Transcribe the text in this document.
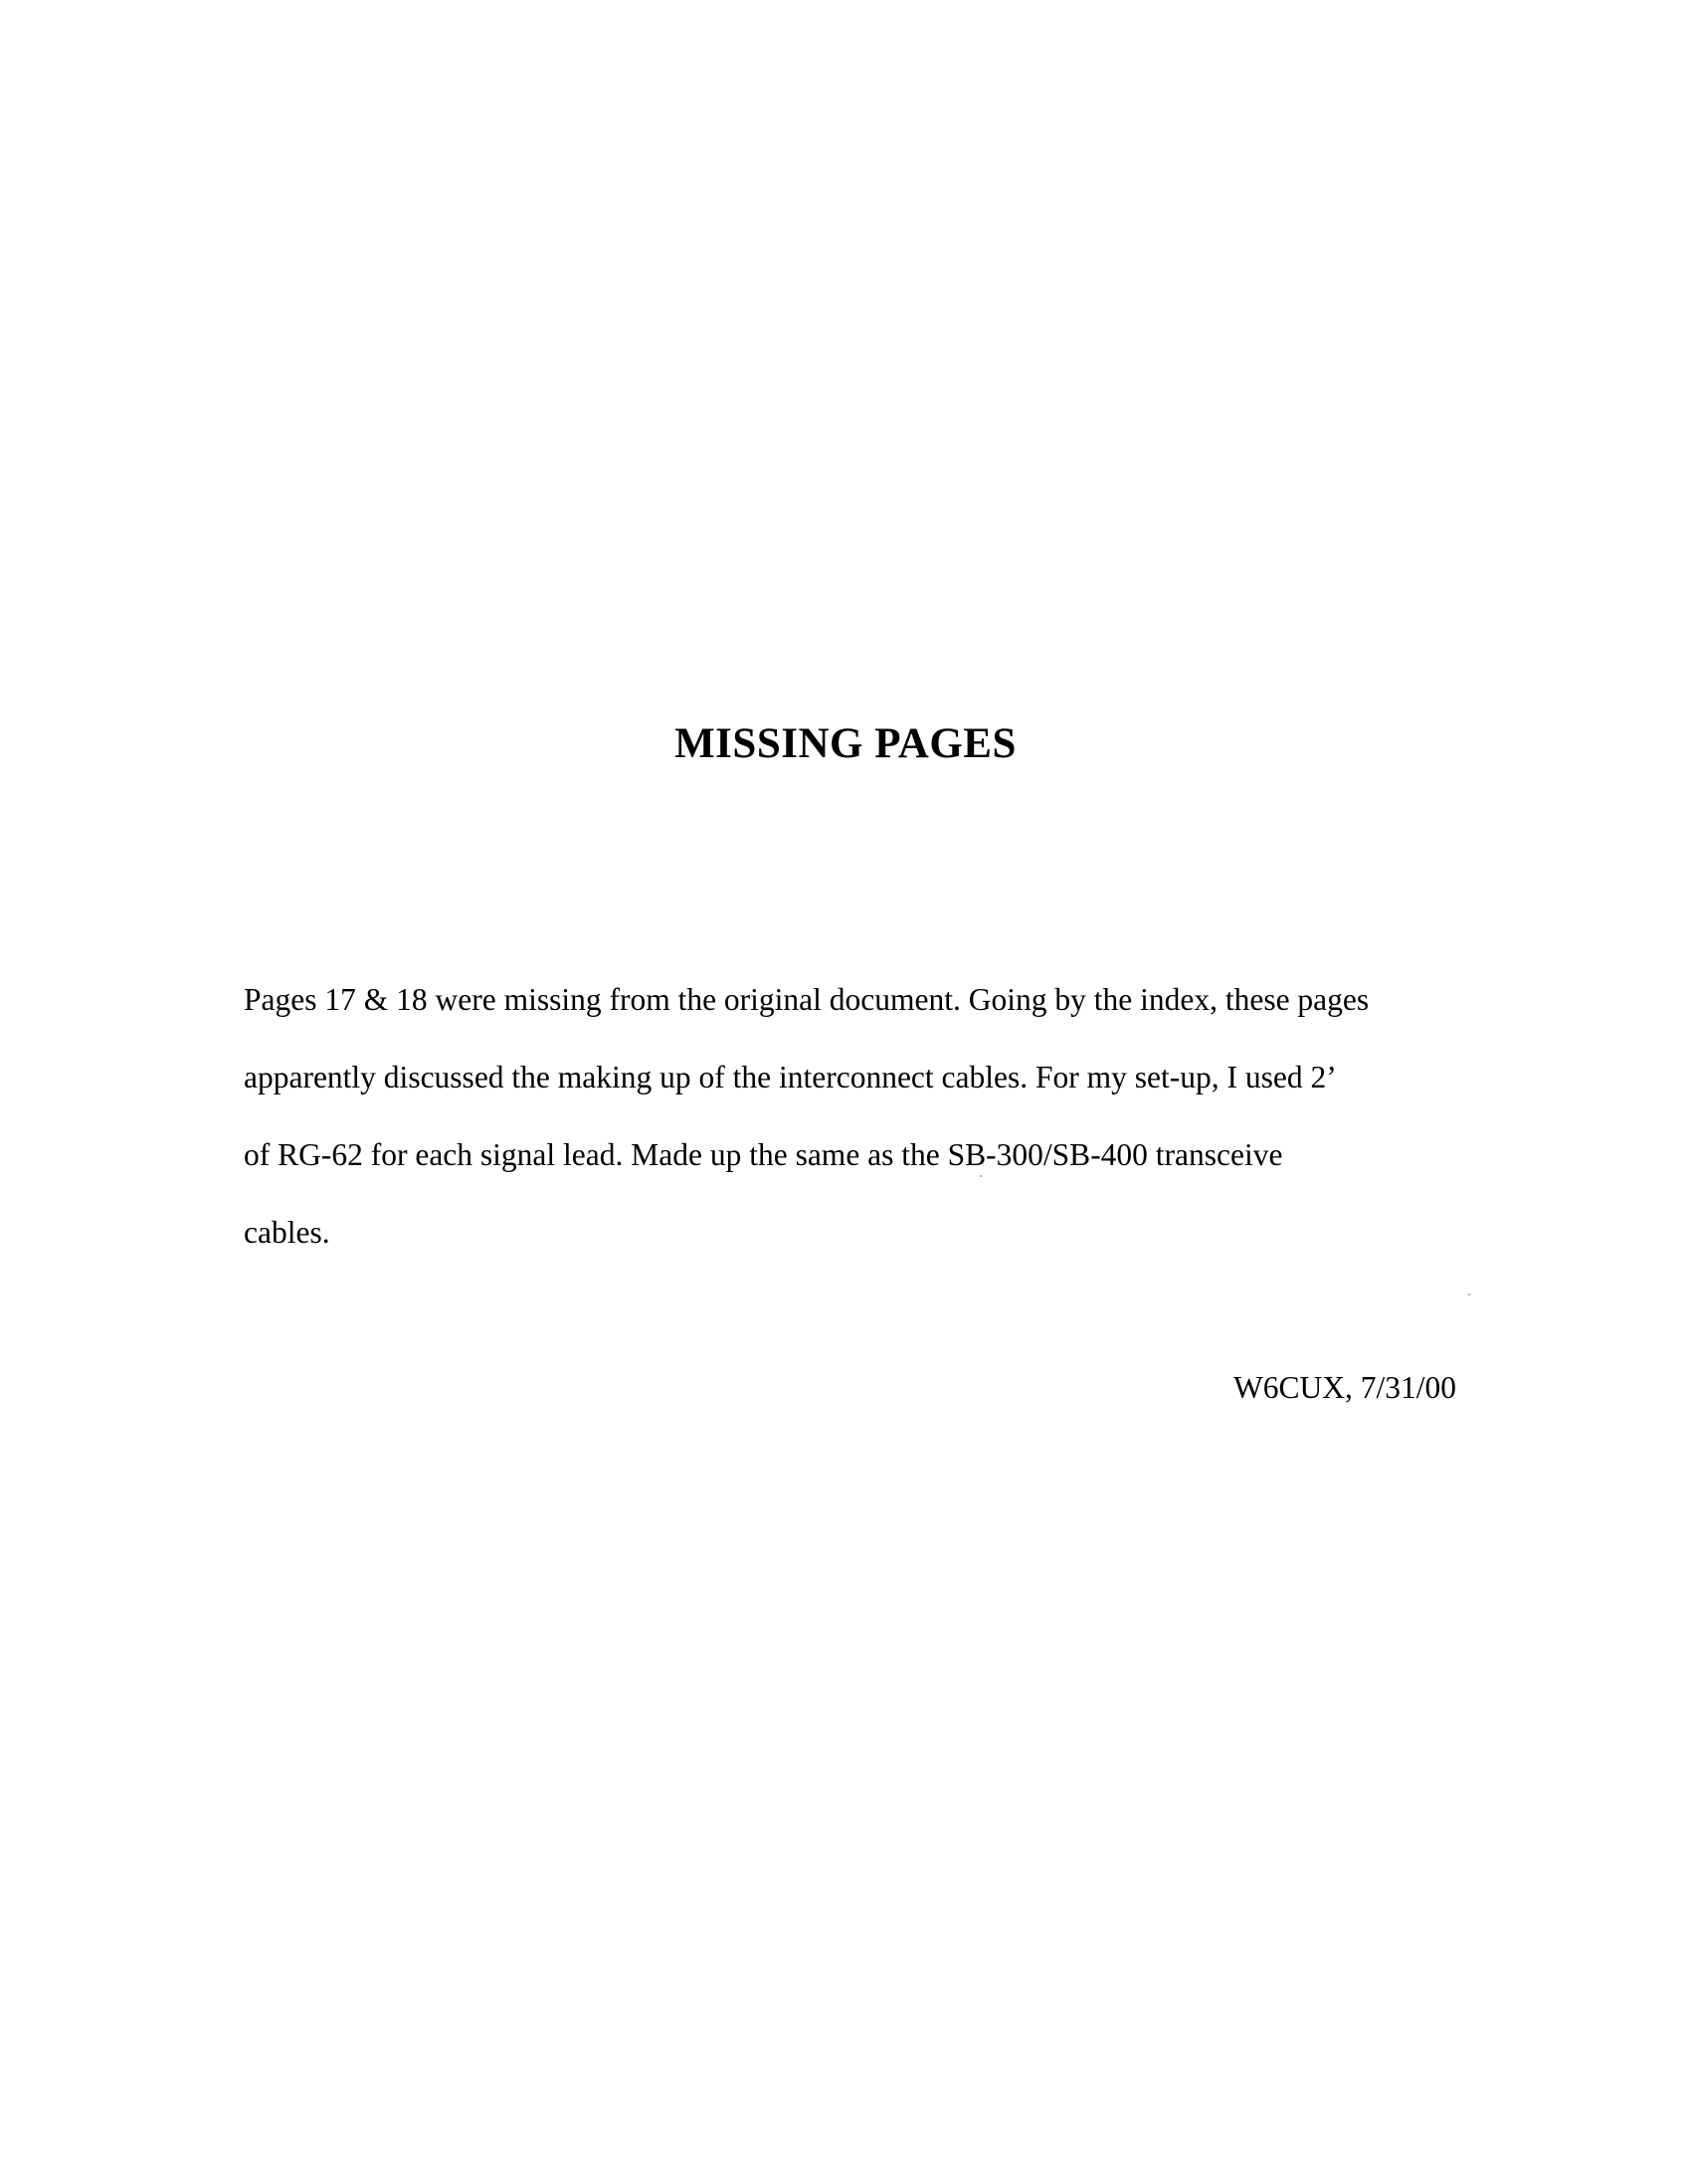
MISSING PAGES
Pages 17 & 18 were missing from the original document. Going by the index, these pages
apparently discussed the making up of the interconnect cables. For my set-up, I used 2’
of RG-62 for each signal lead. Made up the same as the SB-300/SB-400 transceive
cables.

W6CUX, 7/31/00
